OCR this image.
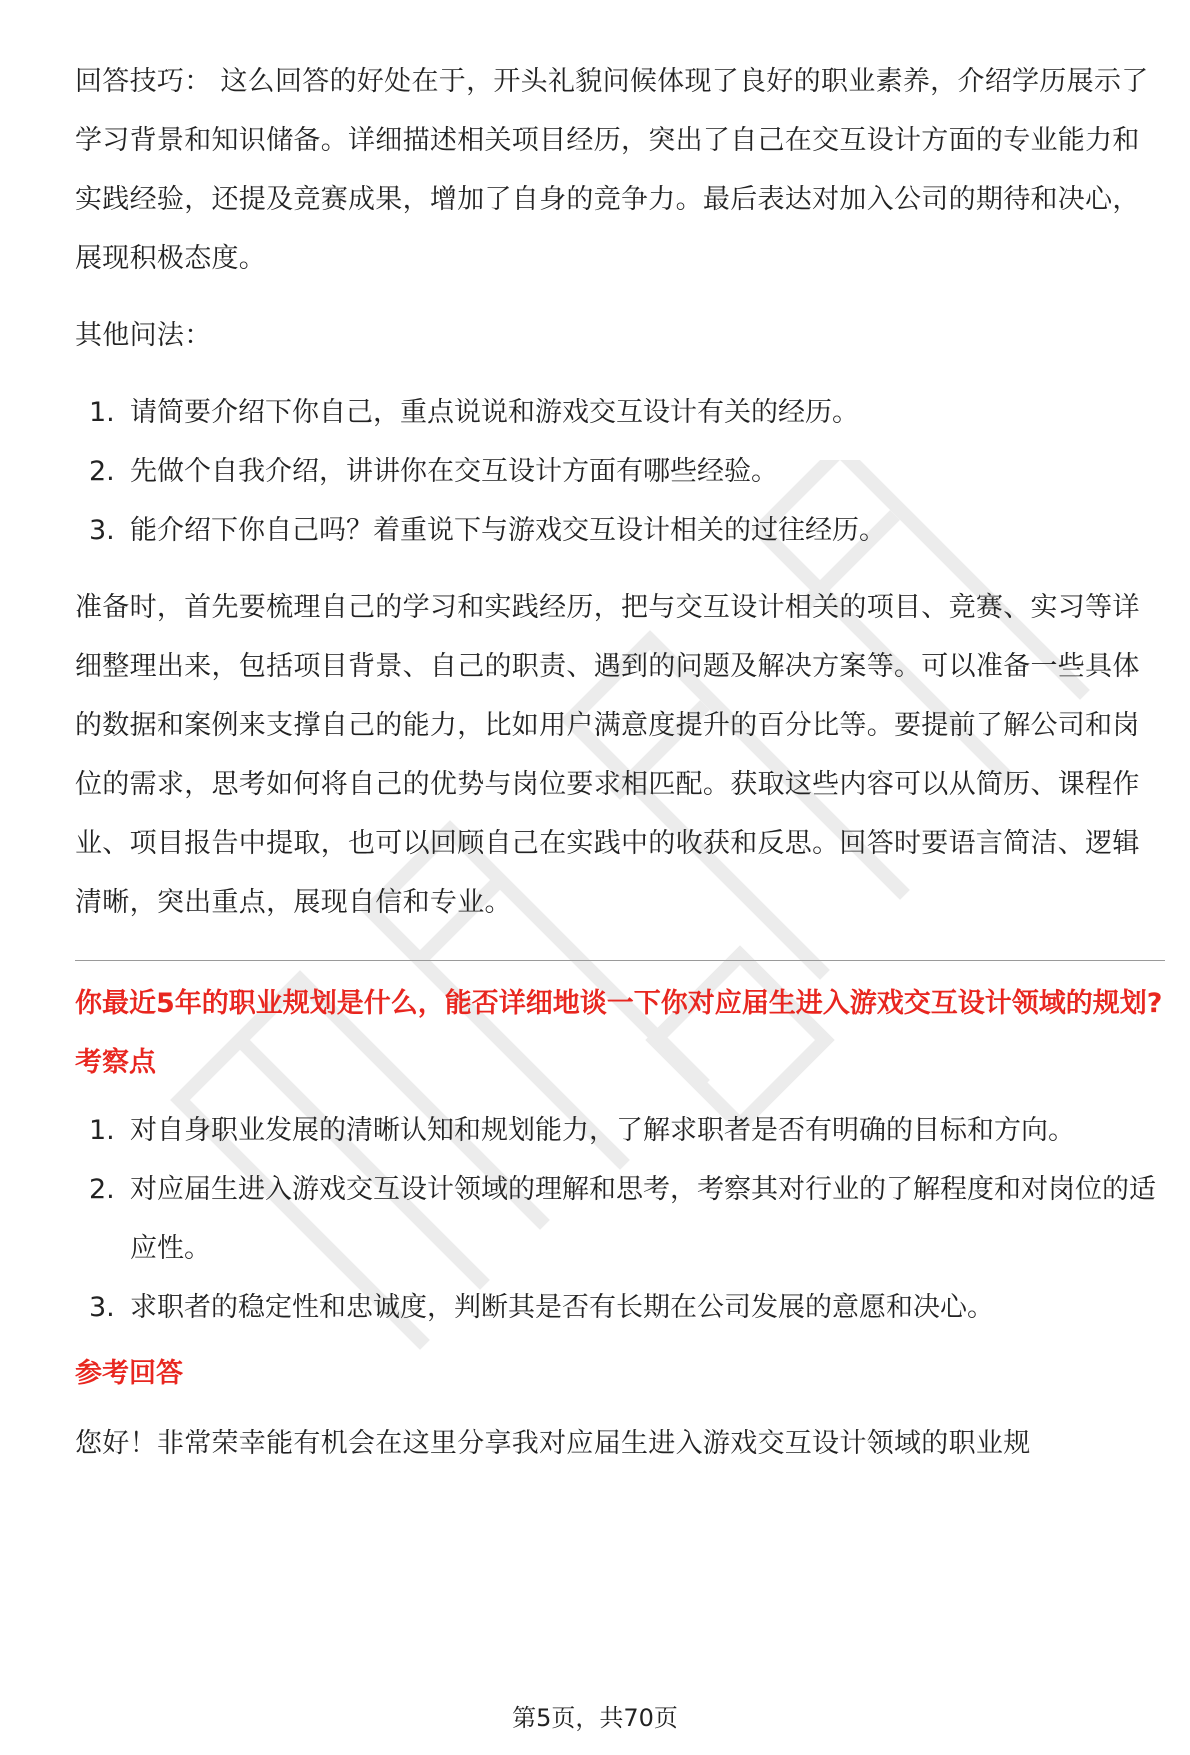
回答技巧： 这么回答的好处在于，开头礼貌问候体现了良好的职业素养，介绍学历展示了学习背景和知识储备。详细描述相关项目经历，突出了自己在交互设计方面的专业能力和实践经验，还提及竞赛成果，增加了自身的竞争力。最后表达对加入公司的期待和决心，展现积极态度。

其他问法：

1. 请简要介绍下你自己，重点说说和游戏交互设计有关的经历。
2. 先做个自我介绍，讲讲你在交互设计方面有哪些经验。
3. 能介绍下你自己吗？着重说下与游戏交互设计相关的过往经历。

准备时，首先要梳理自己的学习和实践经历，把与交互设计相关的项目、竞赛、实习等详细整理出来，包括项目背景、自己的职责、遇到的问题及解决方案等。可以准备一些具体的数据和案例来支撑自己的能力，比如用户满意度提升的百分比等。要提前了解公司和岗位的需求，思考如何将自己的优势与岗位要求相匹配。获取这些内容可以从简历、课程作业、项目报告中提取，也可以回顾自己在实践中的收获和反思。回答时要语言简洁、逻辑清晰，突出重点，展现自信和专业。

你最近5年的职业规划是什么，能否详细地谈一下你对应届生进入游戏交互设计领域的规划?

考察点

1. 对自身职业发展的清晰认知和规划能力，了解求职者是否有明确的目标和方向。
2. 对应届生进入游戏交互设计领域的理解和思考，考察其对行业的了解程度和对岗位的适应性。
3. 求职者的稳定性和忠诚度，判断其是否有长期在公司发展的意愿和决心。

参考回答

您好！非常荣幸能有机会在这里分享我对应届生进入游戏交互设计领域的职业规

第5页，共70页
